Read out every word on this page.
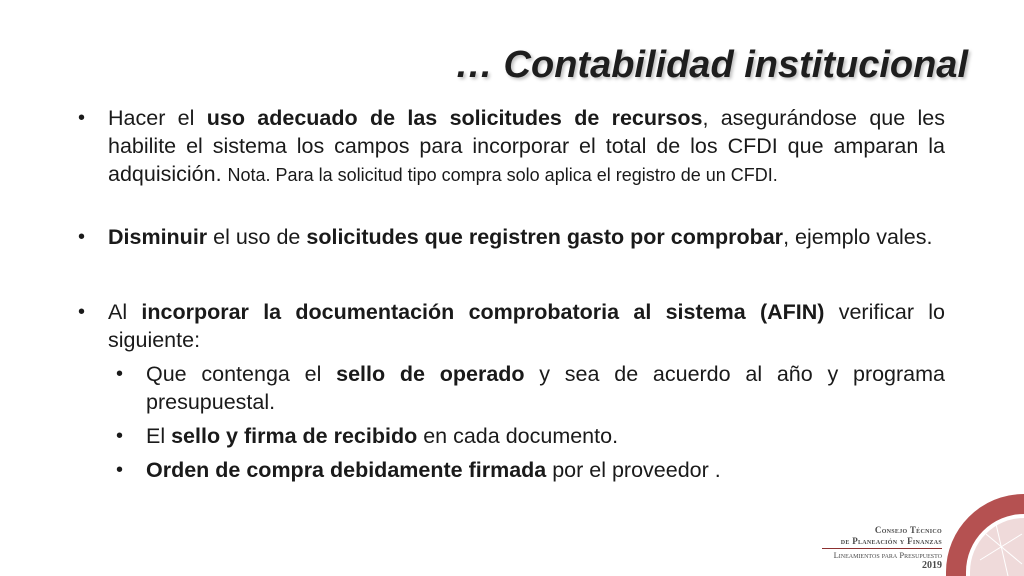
… Contabilidad institucional
• Hacer el uso adecuado de las solicitudes de recursos, asegurándose que les habilite el sistema los campos para incorporar el total de los CFDI que amparan la adquisición. Nota. Para la solicitud tipo compra solo aplica el registro de un CFDI.
• Disminuir el uso de solicitudes que registren gasto por comprobar, ejemplo vales.
• Al incorporar la documentación comprobatoria al sistema (AFIN) verificar lo siguiente:
• Que contenga el sello de operado y sea de acuerdo al año y programa presupuestal.
• El sello y firma de recibido en cada documento.
• Orden de compra debidamente firmada por el proveedor .
Consejo Técnico
de Planeación y Finanzas
Lineamientos para Presupuesto
2019
